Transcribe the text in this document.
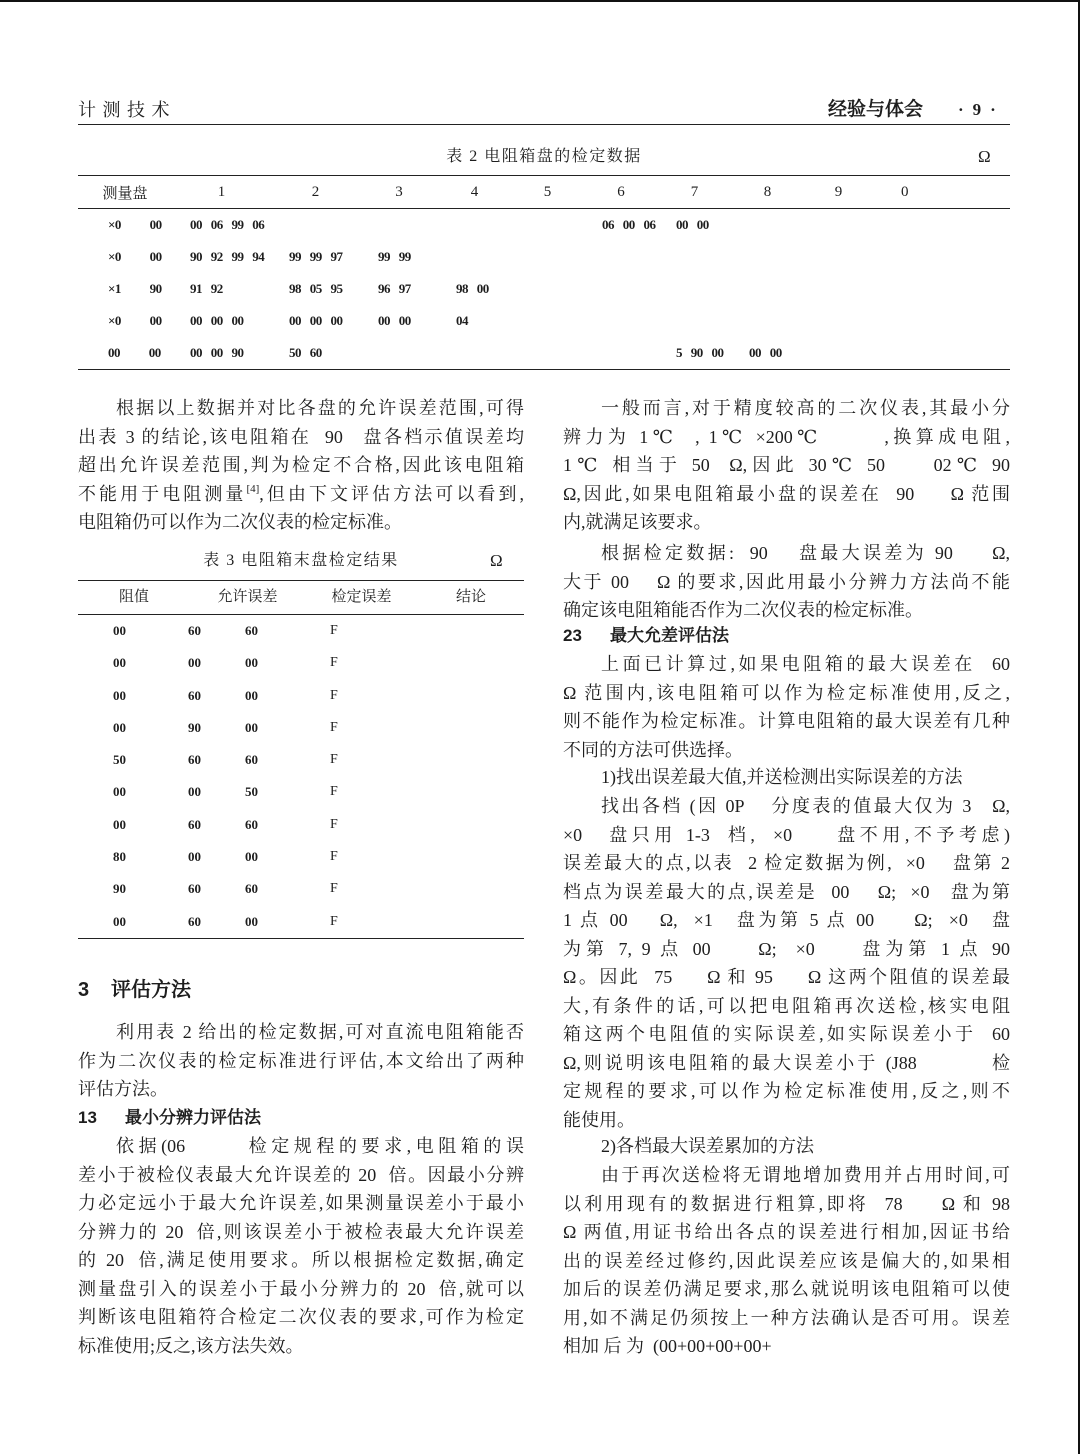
计 测 技 术	经验与体会 ·9·
表 2 电阻箱盘的检定数据	Ω
测量盘	1	2	3	4	5	6	7	8	9	0
×0 00	00 06 99 06					06 00 06	00 00			
×0 00	90 92 99 94	99 99 97	99 99							
×1 90	91 92	98 05 95	96 97	98 00						
×0 00	00 00 00	00 00 00	00 00	04						
00 00	00 00 90	50 60					5 90 00	00 00		
根据以上数据并对比各盘的允许误差范围,可得
出表 3 的结论,该电阻箱在  90   盘各档示值误差均
超出允许误差范围,判为检定不合格,因此该电阻箱
不能用于电阻测量[4],但由下文评估方法可以看到,
电阻箱仍可以作为二次仪表的检定标准。
表 3 电阻箱末盘检定结果	Ω
阻值	允许误差	检定误差	结论
00	60	60	F
00	00	00	F
00	60	00	F
00	90	00	F
50	60	60	F
00	00	50	F
00	60	60	F
80	00	00	F
90	60	60	F
00	60	00	F
3 评估方法
利用表 2 给出的检定数据,可对直流电阻箱能否
作为二次仪表的检定标准进行评估,本文给出了两种
评估方法。
13 最小分辨力评估法
依据(06       检定规程的要求,电阻箱的误
差小于被检仪表最大允许误差的 20  倍。因最小分辨
力必定远小于最大允许误差,如果测量误差小于最小
分辨力的 20  倍,则该误差小于被检表最大允许误差
的 20  倍,满足使用要求。所以根据检定数据,确定
测量盘引入的误差小于最小分辨力的 20  倍,就可以
判断该电阻箱符合检定二次仪表的要求,可作为检定
标准使用;反之,该方法失效。
一般而言,对于精度较高的二次仪表,其最小分
辨力为 1℃  , 1℃ ×200℃       ,换算成电阻,
1℃ 相当于 50  Ω,因此 30℃ 50     02℃ 90
Ω,因此,如果电阻箱最小盘的误差在  90     Ω 范围
内,就满足该要求。
根据检定数据:  90    盘最大误差为 90     Ω,
大于 00    Ω 的要求,因此用最小分辨力方法尚不能
确定该电阻箱能否作为二次仪表的检定标准。
23 最大允差评估法
上面已计算过,如果电阻箱的最大误差在  60
Ω 范围内,该电阻箱可以作为检定标准使用,反之,
则不能作为检定标准。计算电阻箱的最大误差有几种
不同的方法可供选择。
1)找出误差最大值,并送检测出实际误差的方法
找出各档 (因 0P    分度表的值最大仅为 3   Ω,
×0   盘只用 1-3  档,  ×0     盘不用,不予考虑)
误差最大的点,以表  2 检定数据为例,  ×0    盘第 2
档点为误差最大的点,误差是  00    Ω;  ×0   盘为第
1 点 00    Ω,  ×1   盘为第 5 点 00     Ω;  ×0   盘
为第 7, 9 点 00     Ω;  ×0     盘为第 1 点 90
Ω。因此  75     Ω 和 95     Ω 这两个阻值的误差最
大,有条件的话,可以把电阻箱再次送检,核实电阻
箱这两个电阻值的实际误差,如实际误差小于  60
Ω,则说明该电阻箱的最大误差小于 (J88          检
定规程的要求,可以作为检定标准使用,反之,则不
能使用。
2)各档最大误差累加的方法
由于再次送检将无谓地增加费用并占用时间,可
以利用现有的数据进行粗算,即将  78     Ω 和 98
Ω 两值,用证书给出各点的误差进行相加,因证书给
出的误差经过修约,因此误差应该是偏大的,如果相
加后的误差仍满足要求,那么就说明该电阻箱可以使
用,如不满足仍须按上一种方法确认是否可用。误差
相加 后 为  (00+00+00+00+
